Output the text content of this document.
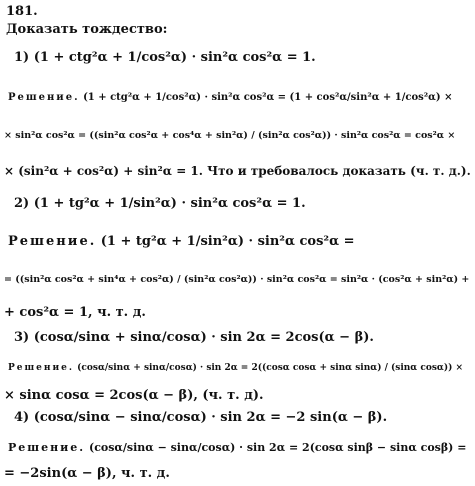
181.
Доказать тождество:
1) (1 + ctg²α + 1/cos²α) · sin²α cos²α = 1.
Решение. (1 + ctg²α + 1/cos²α) · sin²α cos²α = (1 + cos²α/sin²α + 1/cos²α) ×
× sin²α cos²α = ((sin²α cos²α + cos⁴α + sin²α) / (sin²α cos²α)) · sin²α cos²α = cos²α ×
× (sin²α + cos²α) + sin²α = 1. Что и требовалось доказать (ч. т. д.).
2) (1 + tg²α + 1/sin²α) · sin²α cos²α = 1.
Решение. (1 + tg²α + 1/sin²α) · sin²α cos²α =
= ((sin²α cos²α + sin⁴α + cos²α) / (sin²α cos²α)) · sin²α cos²α = sin²α · (cos²α + sin²α) +
+ cos²α = 1, ч. т. д.
3) (cosα/sinα + sinα/cosα) · sin 2α = 2cos(α − β).
Решение. (cosα/sinα + sinα/cosα) · sin 2α = 2((cosα cosα + sinα sinα) / (sinα cosα)) ×
× sinα cosα = 2cos(α − β), (ч. т. д).
4) (cosα/sinα − sinα/cosα) · sin 2α = −2 sin(α − β).
Решение. (cosα/sinα − sinα/cosα) · sin 2α = 2(cosα sinβ − sinα cosβ) =
= −2sin(α − β), ч. т. д.
